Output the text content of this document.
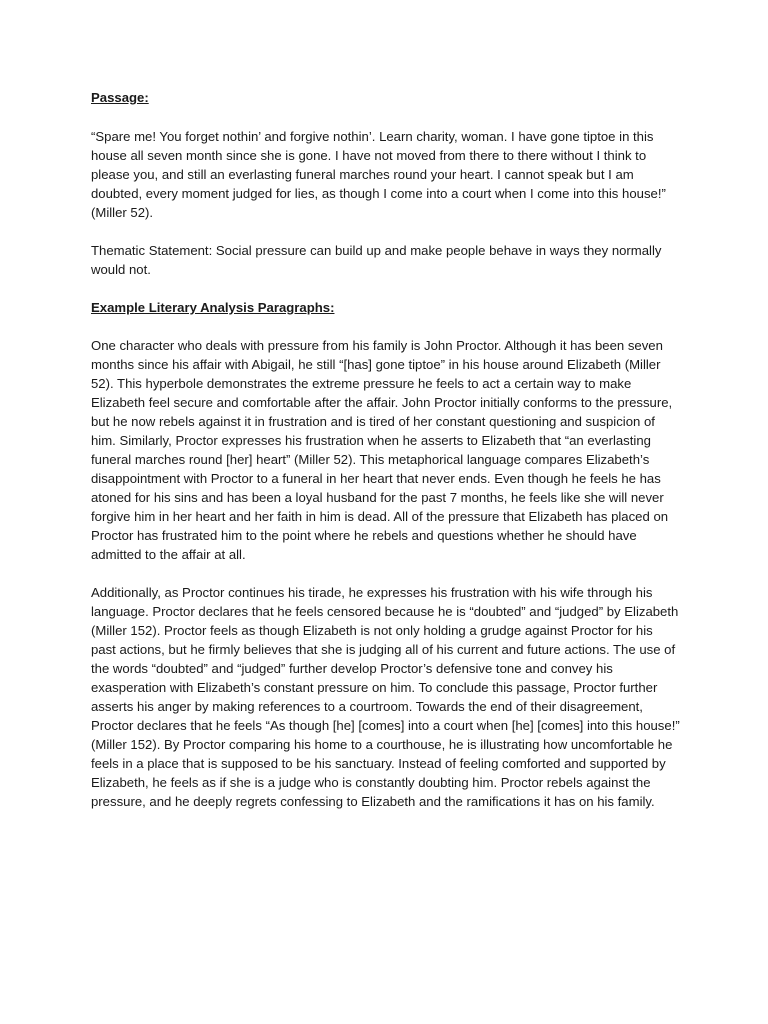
Passage:

“Spare me! You forget nothin’ and forgive nothin’. Learn charity, woman. I have gone tiptoe in this house all seven month since she is gone. I have not moved from there to there without I think to please you, and still an everlasting funeral marches round your heart. I cannot speak but I am doubted, every moment judged for lies, as though I come into a court when I come into this house!” (Miller 52).

Thematic Statement: Social pressure can build up and make people behave in ways they normally would not.

Example Literary Analysis Paragraphs:

One character who deals with pressure from his family is John Proctor. Although it has been seven months since his affair with Abigail, he still “[has] gone tiptoe” in his house around Elizabeth (Miller 52). This hyperbole demonstrates the extreme pressure he feels to act a certain way to make Elizabeth feel secure and comfortable after the affair. John Proctor initially conforms to the pressure, but he now rebels against it in frustration and is tired of her constant questioning and suspicion of him. Similarly, Proctor expresses his frustration when he asserts to Elizabeth that “an everlasting funeral marches round [her] heart” (Miller 52). This metaphorical language compares Elizabeth’s disappointment with Proctor to a funeral in her heart that never ends. Even though he feels he has atoned for his sins and has been a loyal husband for the past 7 months, he feels like she will never forgive him in her heart and her faith in him is dead. All of the pressure that Elizabeth has placed on Proctor has frustrated him to the point where he rebels and questions whether he should have admitted to the affair at all.

Additionally, as Proctor continues his tirade, he expresses his frustration with his wife through his language. Proctor declares that he feels censored because he is “doubted” and “judged” by Elizabeth (Miller 152). Proctor feels as though Elizabeth is not only holding a grudge against Proctor for his past actions, but he firmly believes that she is judging all of his current and future actions. The use of the words “doubted” and “judged” further develop Proctor’s defensive tone and convey his exasperation with Elizabeth’s constant pressure on him. To conclude this passage, Proctor further asserts his anger by making references to a courtroom. Towards the end of their disagreement, Proctor declares that he feels “As though [he] [comes] into a court when [he] [comes] into this house!” (Miller 152). By Proctor comparing his home to a courthouse, he is illustrating how uncomfortable he feels in a place that is supposed to be his sanctuary. Instead of feeling comforted and supported by Elizabeth, he feels as if she is a judge who is constantly doubting him. Proctor rebels against the pressure, and he deeply regrets confessing to Elizabeth and the ramifications it has on his family.
